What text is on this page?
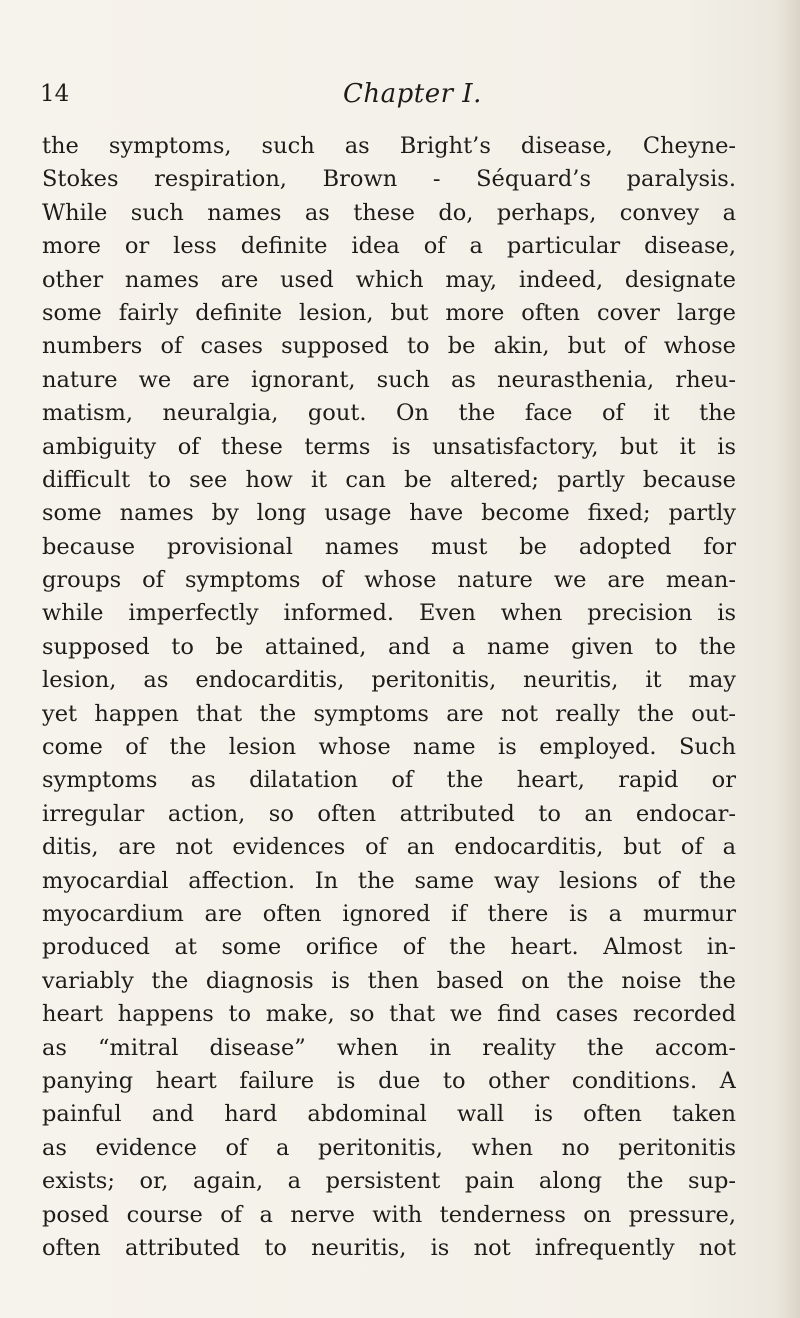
14	Chapter I.
the symptoms, such as Bright’s disease, Cheyne-
Stokes respiration, Brown - Séquard’s paralysis.
While such names as these do, perhaps, convey a
more or less definite idea of a particular disease,
other names are used which may, indeed, designate
some fairly definite lesion, but more often cover large
numbers of cases supposed to be akin, but of whose
nature we are ignorant, such as neurasthenia, rheu-
matism, neuralgia, gout. On the face of it the
ambiguity of these terms is unsatisfactory, but it is
difficult to see how it can be altered; partly because
some names by long usage have become fixed; partly
because provisional names must be adopted for
groups of symptoms of whose nature we are mean-
while imperfectly informed. Even when precision is
supposed to be attained, and a name given to the
lesion, as endocarditis, peritonitis, neuritis, it may
yet happen that the symptoms are not really the out-
come of the lesion whose name is employed. Such
symptoms as dilatation of the heart, rapid or
irregular action, so often attributed to an endocar-
ditis, are not evidences of an endocarditis, but of a
myocardial affection. In the same way lesions of the
myocardium are often ignored if there is a murmur
produced at some orifice of the heart. Almost in-
variably the diagnosis is then based on the noise the
heart happens to make, so that we find cases recorded
as “mitral disease” when in reality the accom-
panying heart failure is due to other conditions. A
painful and hard abdominal wall is often taken
as evidence of a peritonitis, when no peritonitis
exists; or, again, a persistent pain along the sup-
posed course of a nerve with tenderness on pressure,
often attributed to neuritis, is not infrequently not
